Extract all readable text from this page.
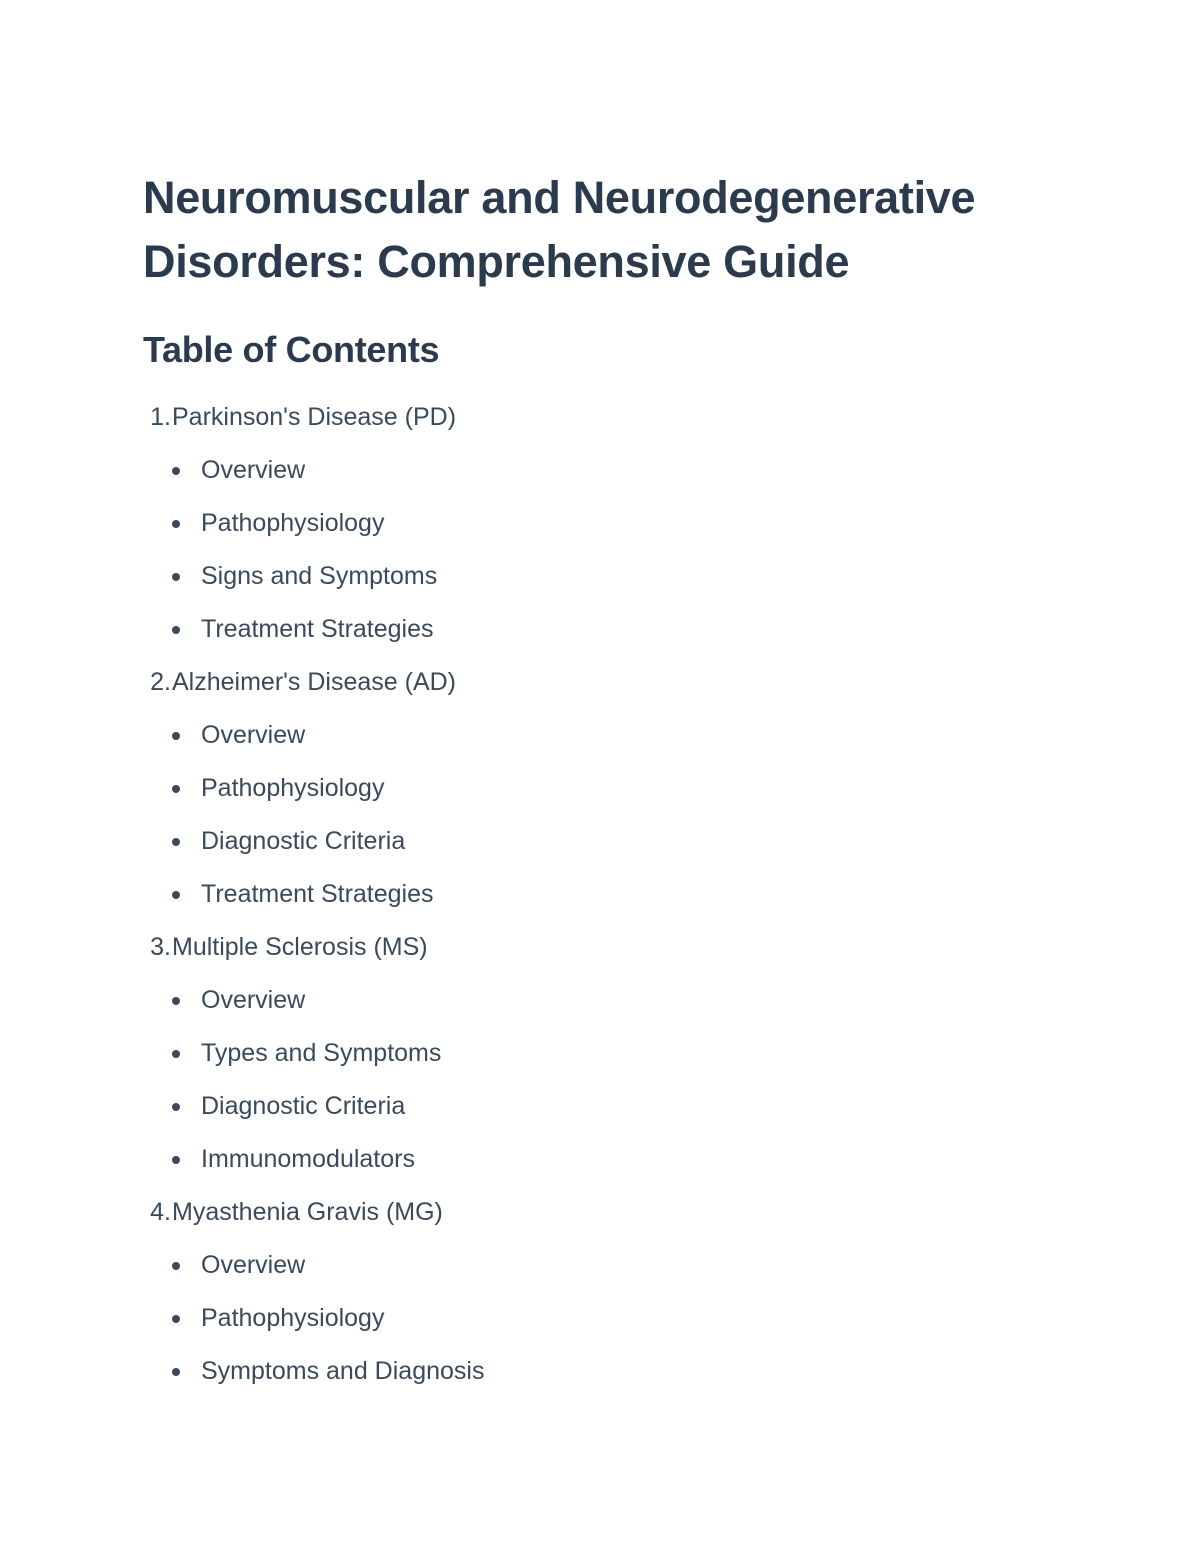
Neuromuscular and Neurodegenerative Disorders: Comprehensive Guide
Table of Contents
1 . Parkinson's Disease (PD)
Overview
Pathophysiology
Signs and Symptoms
Treatment Strategies
2 . Alzheimer's Disease (AD)
Overview
Pathophysiology
Diagnostic Criteria
Treatment Strategies
3 . Multiple Sclerosis (MS)
Overview
Types and Symptoms
Diagnostic Criteria
Immunomodulators
4 . Myasthenia Gravis (MG)
Overview
Pathophysiology
Symptoms and Diagnosis
